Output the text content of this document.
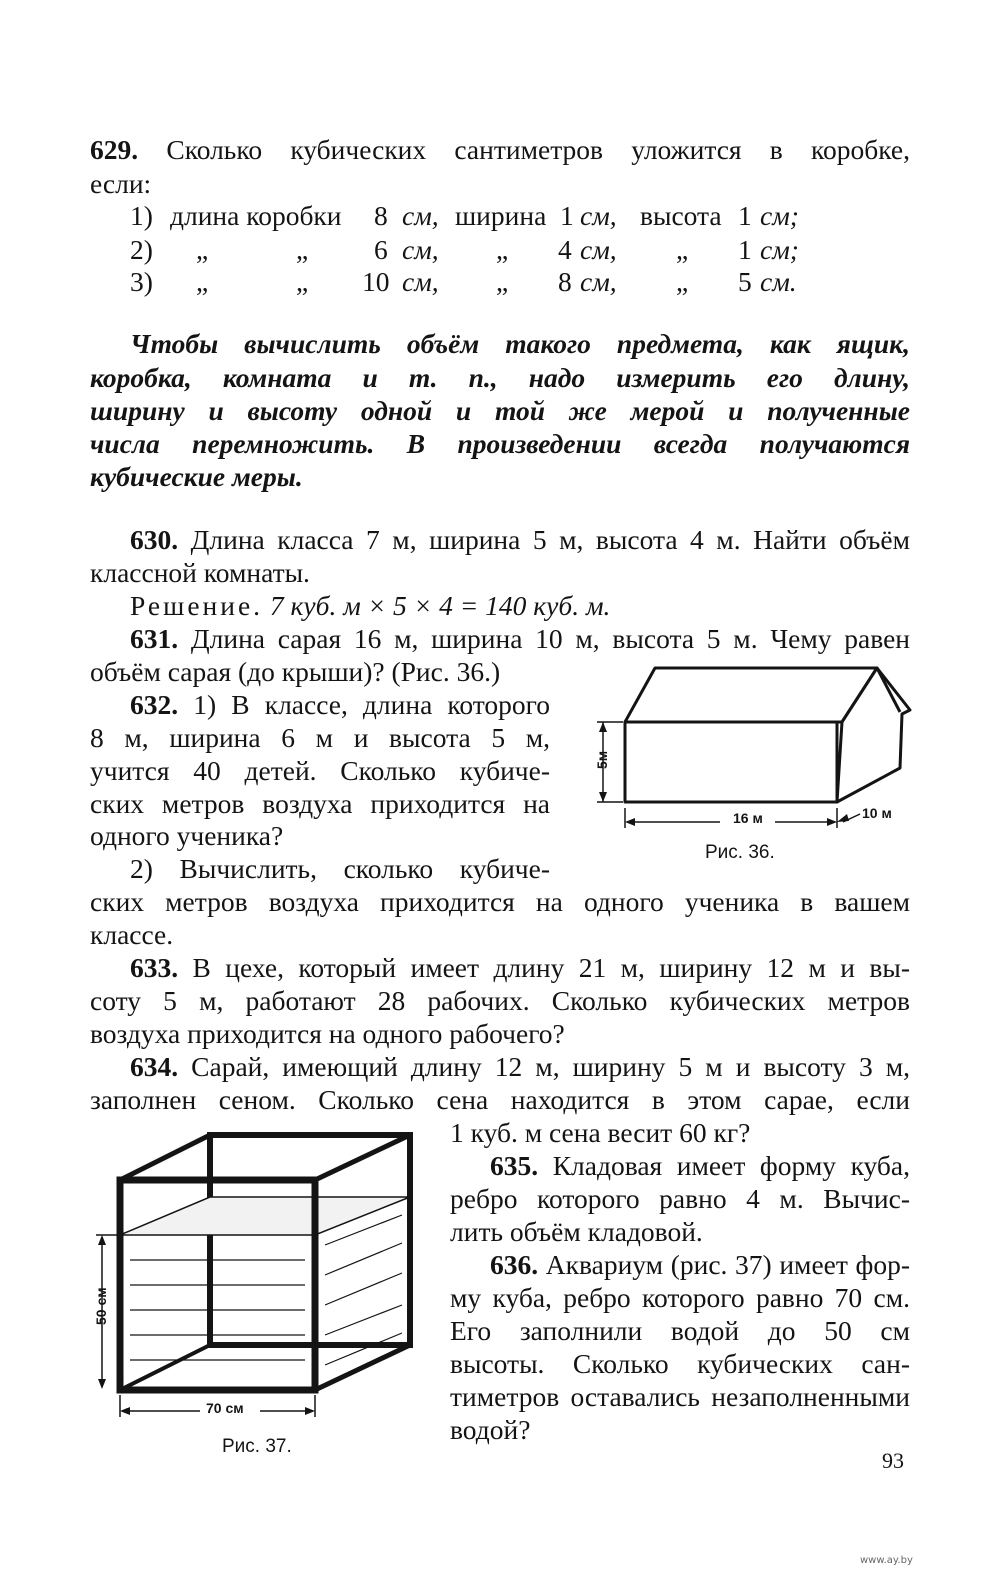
629. Сколько кубических сантиметров уложится в коробке,
если:
1) длина коробки 8 см, ширина 1 см, высота 1 см;
2) „	„ 6 см, „ 4 см, „ 1 см;
3) „	„ 10 см, „ 8 см, „ 5 см.
Чтобы вычислить объём такого предмета, как ящик,
коробка, комната и т. п., надо измерить его длину,
ширину и высоту одной и той же мерой и полученные
числа перемножить. В произведении всегда получаются
кубические меры.
630. Длина класса 7 м, ширина 5 м, высота 4 м. Найти объём
классной комнаты.
Решение. 7 куб. м × 5 × 4 = 140 куб. м.
631. Длина сарая 16 м, ширина 10 м, высота 5 м. Чему равен
объём сарая (до крыши)? (Рис. 36.)
632. 1) В классе, длина которого
8 м, ширина 6 м и высота 5 м,
учится 40 детей. Сколько кубиче-
ских метров воздуха приходится на
одного ученика?
2) Вычислить, сколько кубиче-
ских метров воздуха приходится на одного ученика в вашем
классе.
5м
16 м	10 м
Рис. 36.
633. В цехе, который имеет длину 21 м, ширину 12 м и вы-
соту 5 м, работают 28 рабочих. Сколько кубических метров
воздуха приходится на одного рабочего?
634. Сарай, имеющий длину 12 м, ширину 5 м и высоту 3 м,
заполнен сеном. Сколько сена находится в этом сарае, если
1 куб. м сена весит 60 кг?
635. Кладовая имеет форму куба,
ребро которого равно 4 м. Вычис-
лить объём кладовой.
636. Аквариум (рис. 37) имеет фор-
му куба, ребро которого равно 70 см.
Его заполнили водой до 50 см
высоты. Сколько кубических сан-
тиметров оставались незаполненными
водой?
50 см
70 см
Рис. 37.
93
www.ay.by
